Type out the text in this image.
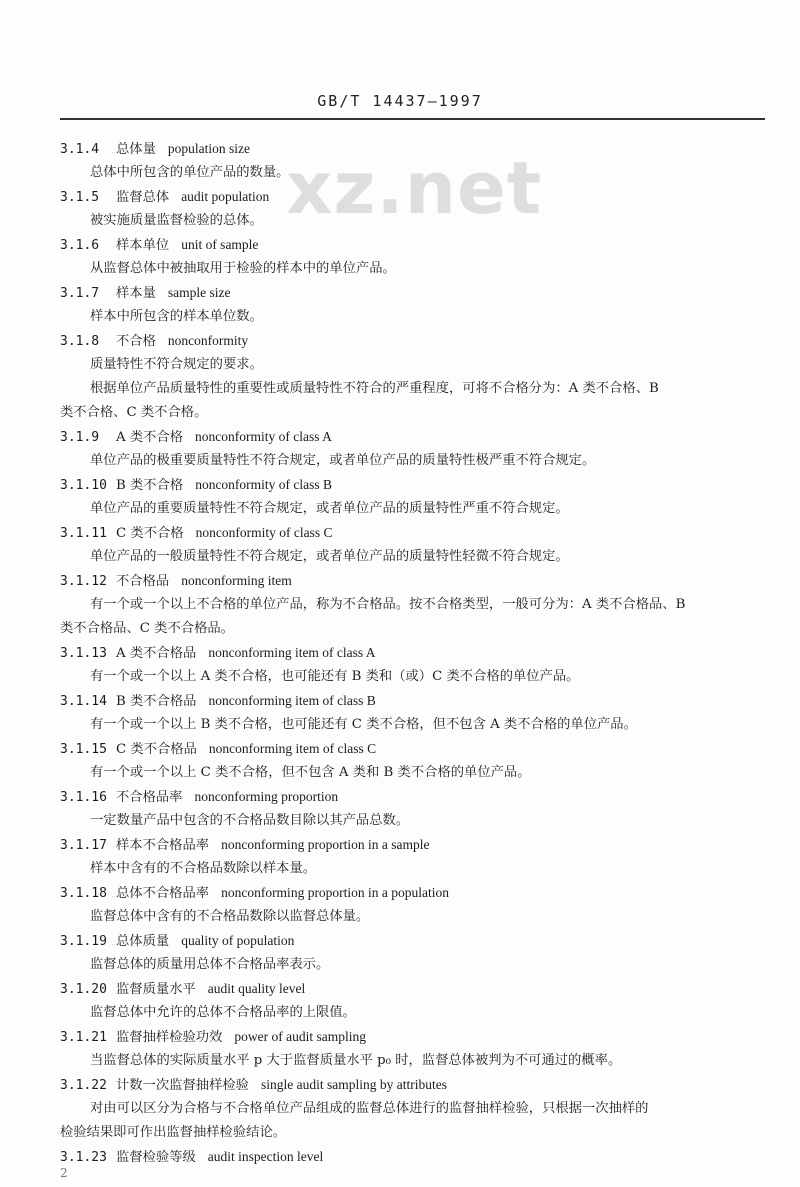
GB/T 14437—1997
xz.net
3.1.4 总体量 population size
总体中所包含的单位产品的数量。
3.1.5 监督总体 audit population
被实施质量监督检验的总体。
3.1.6 样本单位 unit of sample
从监督总体中被抽取用于检验的样本中的单位产品。
3.1.7 样本量 sample size
样本中所包含的样本单位数。
3.1.8 不合格 nonconformity
质量特性不符合规定的要求。
根据单位产品质量特性的重要性或质量特性不符合的严重程度，可将不合格分为：A 类不合格、B
类不合格、C 类不合格。
3.1.9 A 类不合格 nonconformity of class A
单位产品的极重要质量特性不符合规定，或者单位产品的质量特性极严重不符合规定。
3.1.10 B 类不合格 nonconformity of class B
单位产品的重要质量特性不符合规定，或者单位产品的质量特性严重不符合规定。
3.1.11 C 类不合格 nonconformity of class C
单位产品的一般质量特性不符合规定，或者单位产品的质量特性轻微不符合规定。
3.1.12 不合格品 nonconforming item
有一个或一个以上不合格的单位产品，称为不合格品。按不合格类型，一般可分为：A 类不合格品、B
类不合格品、C 类不合格品。
3.1.13 A 类不合格品 nonconforming item of class A
有一个或一个以上 A 类不合格，也可能还有 B 类和（或）C 类不合格的单位产品。
3.1.14 B 类不合格品 nonconforming item of class B
有一个或一个以上 B 类不合格，也可能还有 C 类不合格，但不包含 A 类不合格的单位产品。
3.1.15 C 类不合格品 nonconforming item of class C
有一个或一个以上 C 类不合格，但不包含 A 类和 B 类不合格的单位产品。
3.1.16 不合格品率 nonconforming proportion
一定数量产品中包含的不合格品数目除以其产品总数。
3.1.17 样本不合格品率 nonconforming proportion in a sample
样本中含有的不合格品数除以样本量。
3.1.18 总体不合格品率 nonconforming proportion in a population
监督总体中含有的不合格品数除以监督总体量。
3.1.19 总体质量 quality of population
监督总体的质量用总体不合格品率表示。
3.1.20 监督质量水平 audit quality level
监督总体中允许的总体不合格品率的上限值。
3.1.21 监督抽样检验功效 power of audit sampling
当监督总体的实际质量水平 p 大于监督质量水平 p₀ 时，监督总体被判为不可通过的概率。
3.1.22 计数一次监督抽样检验 single audit sampling by attributes
对由可以区分为合格与不合格单位产品组成的监督总体进行的监督抽样检验，只根据一次抽样的
检验结果即可作出监督抽样检验结论。
3.1.23 监督检验等级 audit inspection level
2
